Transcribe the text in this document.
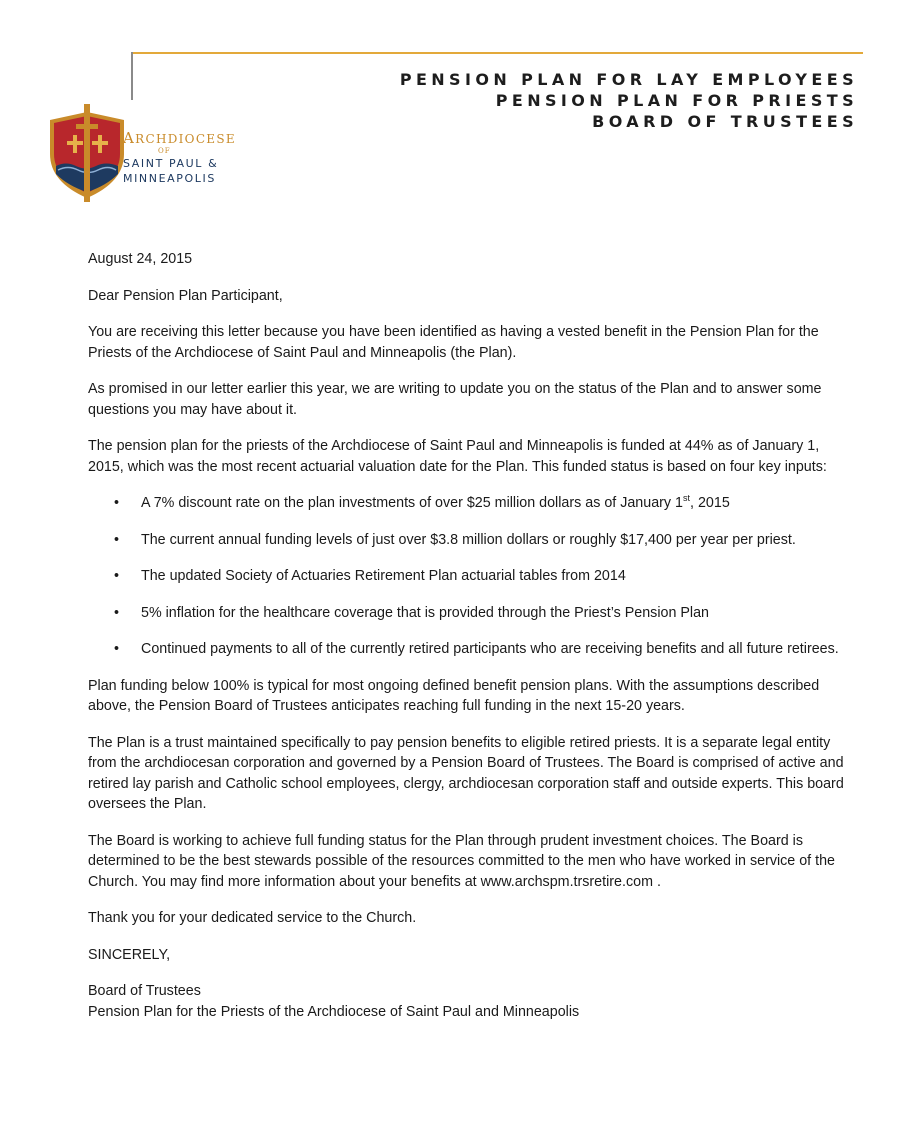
PENSION PLAN FOR LAY EMPLOYEES
PENSION PLAN FOR PRIESTS
BOARD OF TRUSTEES
ARCHDIOCESE
OF
SAINT PAUL &
MINNEAPOLIS

August 24, 2015

Dear Pension Plan Participant,

You are receiving this letter because you have been identified as having a vested benefit in the Pension Plan for the Priests of the Archdiocese of Saint Paul and Minneapolis (the Plan).

As promised in our letter earlier this year, we are writing to update you on the status of the Plan and to answer some questions you may have about it.

The pension plan for the priests of the Archdiocese of Saint Paul and Minneapolis is funded at 44% as of January 1, 2015, which was the most recent actuarial valuation date for the Plan. This funded status is based on four key inputs:

• A 7% discount rate on the plan investments of over $25 million dollars as of January 1st, 2015
• The current annual funding levels of just over $3.8 million dollars or roughly $17,400 per year per priest.
• The updated Society of Actuaries Retirement Plan actuarial tables from 2014
• 5% inflation for the healthcare coverage that is provided through the Priest’s Pension Plan
• Continued payments to all of the currently retired participants who are receiving benefits and all future retirees.

Plan funding below 100% is typical for most ongoing defined benefit pension plans. With the assumptions described above, the Pension Board of Trustees anticipates reaching full funding in the next 15-20 years.

The Plan is a trust maintained specifically to pay pension benefits to eligible retired priests. It is a separate legal entity from the archdiocesan corporation and governed by a Pension Board of Trustees. The Board is comprised of active and retired lay parish and Catholic school employees, clergy, archdiocesan corporation staff and outside experts. This board oversees the Plan.

The Board is working to achieve full funding status for the Plan through prudent investment choices. The Board is determined to be the best stewards possible of the resources committed to the men who have worked in service of the Church. You may find more information about your benefits at www.archspm.trsretire.com .

Thank you for your dedicated service to the Church.

SINCERELY,

Board of Trustees

Pension Plan for the Priests of the Archdiocese of Saint Paul and Minneapolis
